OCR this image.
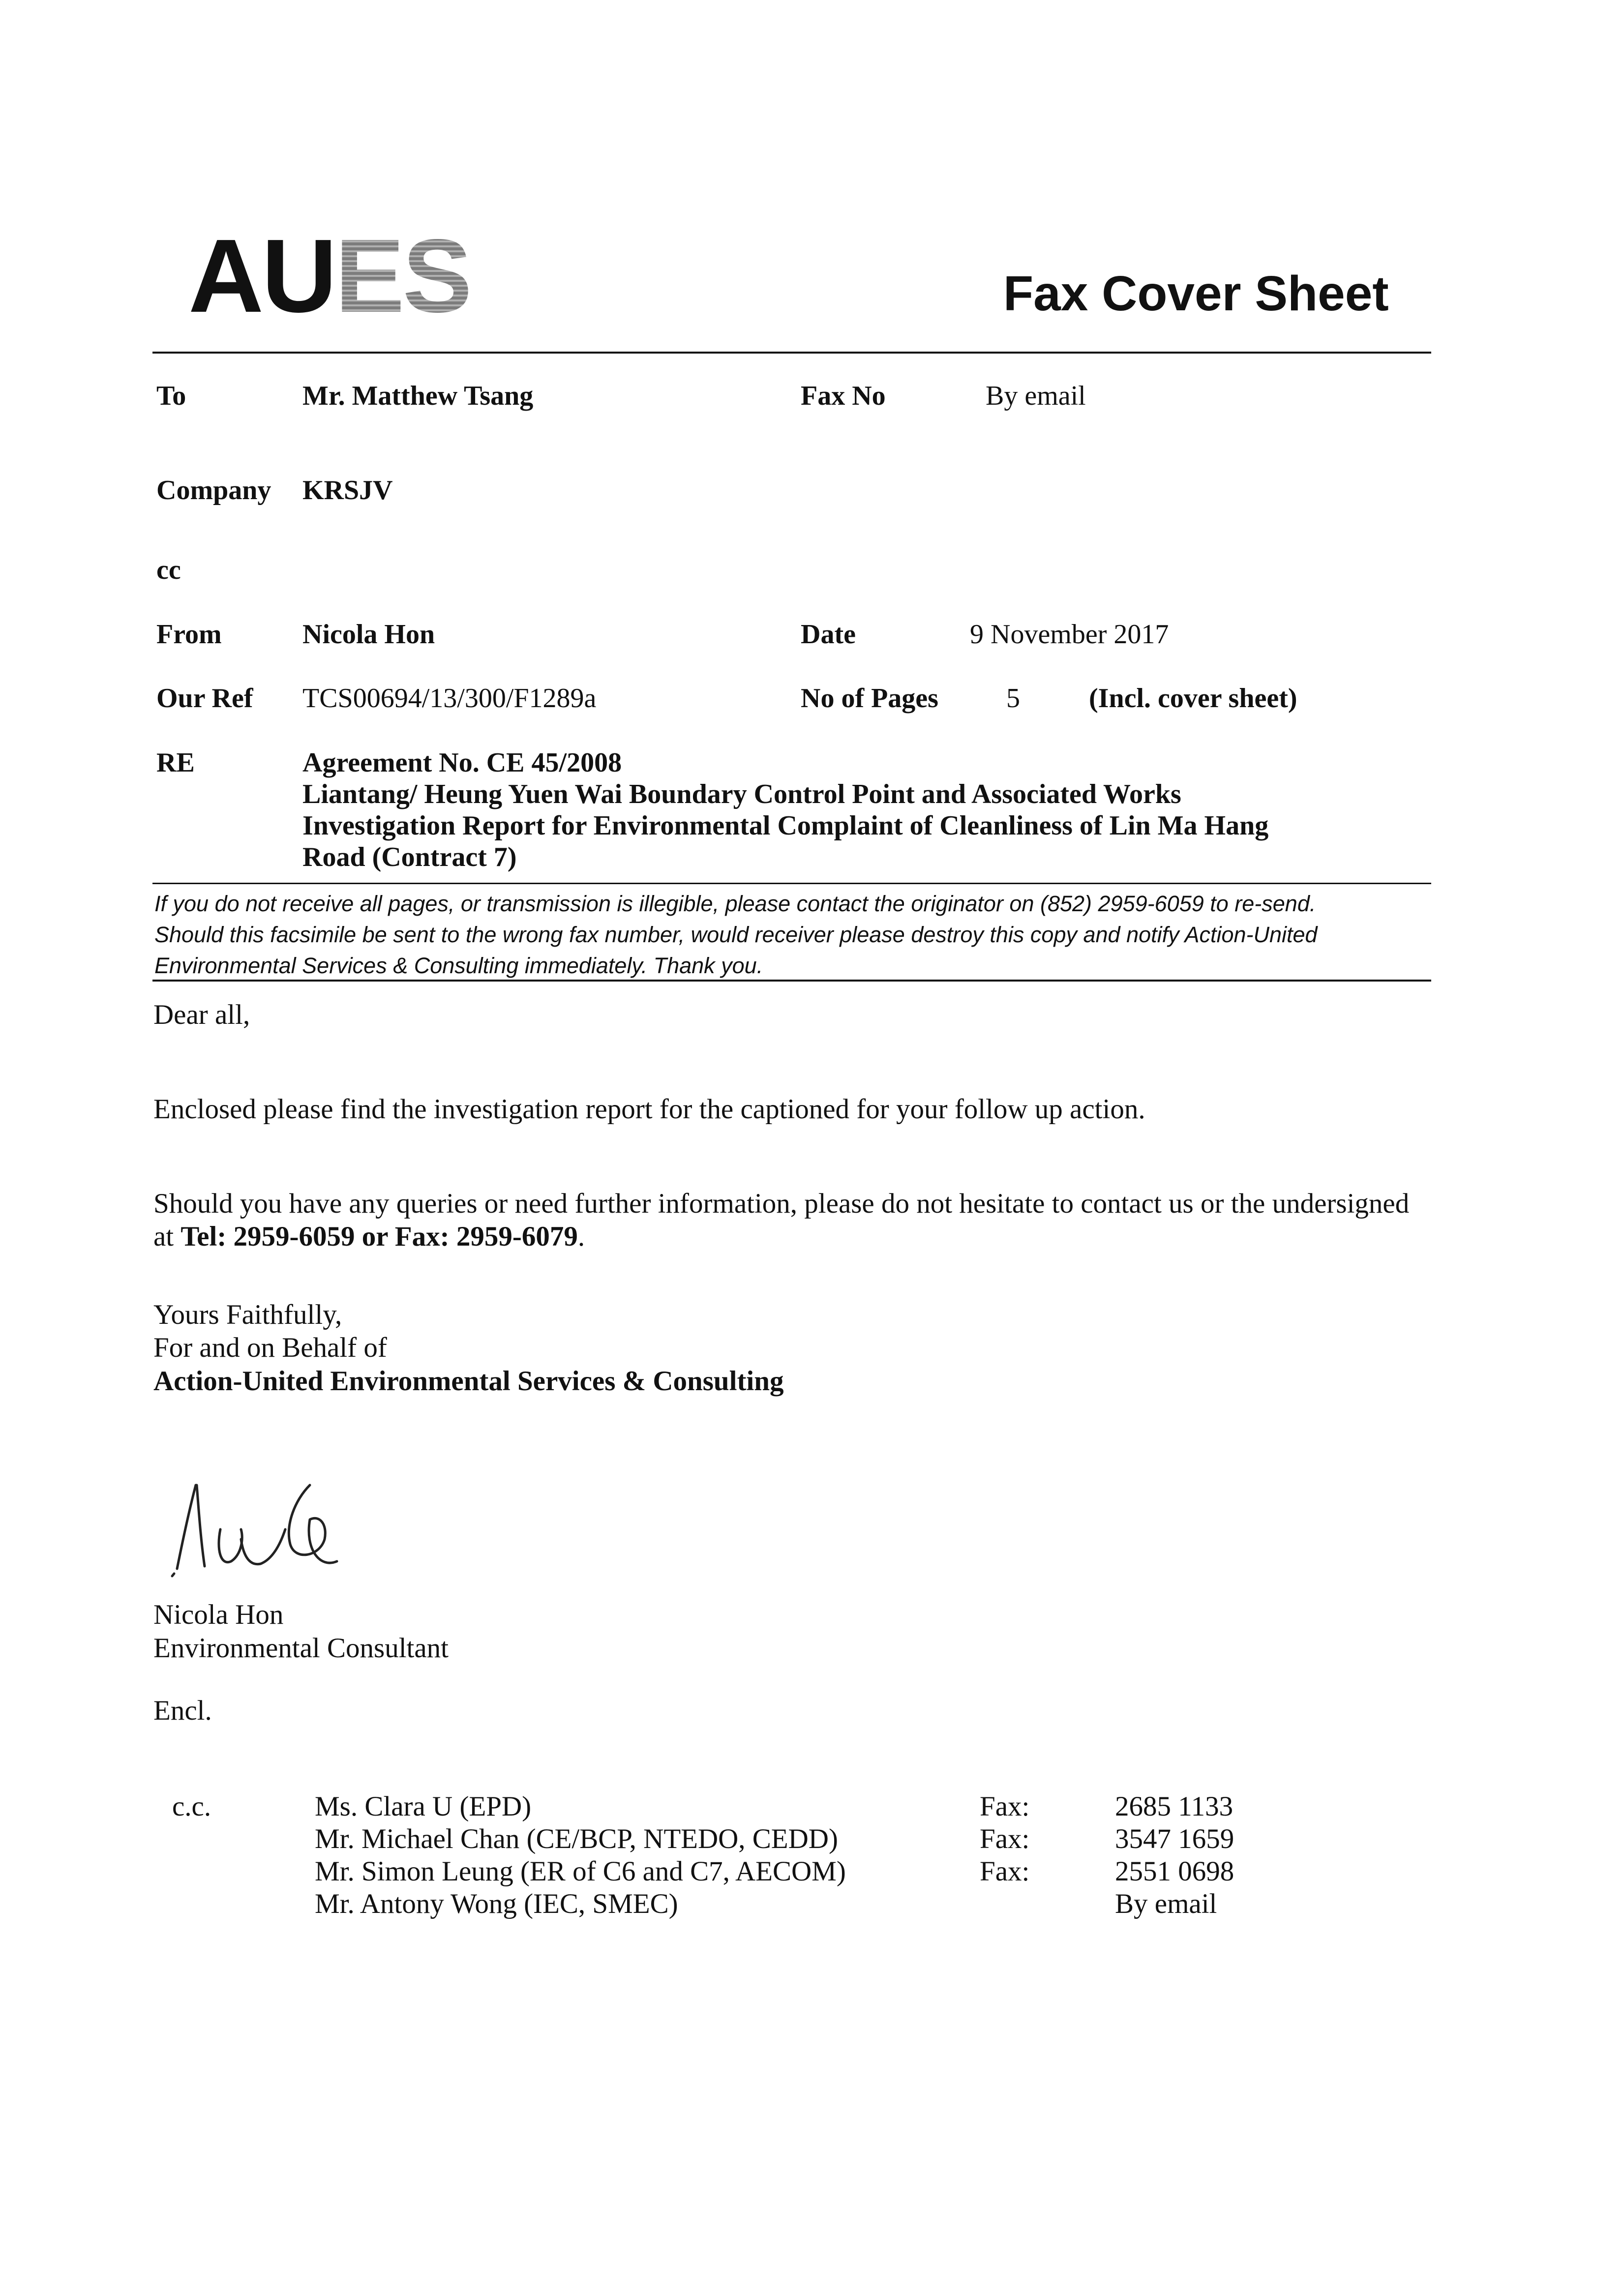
AUES	Fax Cover Sheet
To	Mr. Matthew Tsang	Fax No	By email
Company KRSJV
cc
From	Nicola Hon	Date	9 November 2017
Our Ref TCS00694/13/300/F1289a	No of Pages 5	(Incl. cover sheet)
RE	Agreement No. CE 45/2008
Liantang/ Heung Yuen Wai Boundary Control Point and Associated Works
Investigation Report for Environmental Complaint of Cleanliness of Lin Ma Hang
Road (Contract 7)
If you do not receive all pages, or transmission is illegible, please contact the originator on (852) 2959-6059 to re-send.
Should this facsimile be sent to the wrong fax number, would receiver please destroy this copy and notify Action-United
Environmental Services & Consulting immediately. Thank you.
Dear all,
Enclosed please find the investigation report for the captioned for your follow up action.
Should you have any queries or need further information, please do not hesitate to contact us or the undersigned
at Tel: 2959-6059 or Fax: 2959-6079.
Yours Faithfully,
For and on Behalf of
Action-United Environmental Services & Consulting
Nicola Hon
Environmental Consultant
Encl.
c.c.	Ms. Clara U (EPD)	Fax:	2685 1133
Mr. Michael Chan (CE/BCP, NTEDO, CEDD)	Fax:	3547 1659
Mr. Simon Leung (ER of C6 and C7, AECOM)	Fax:	2551 0698
Mr. Antony Wong (IEC, SMEC)	By email
